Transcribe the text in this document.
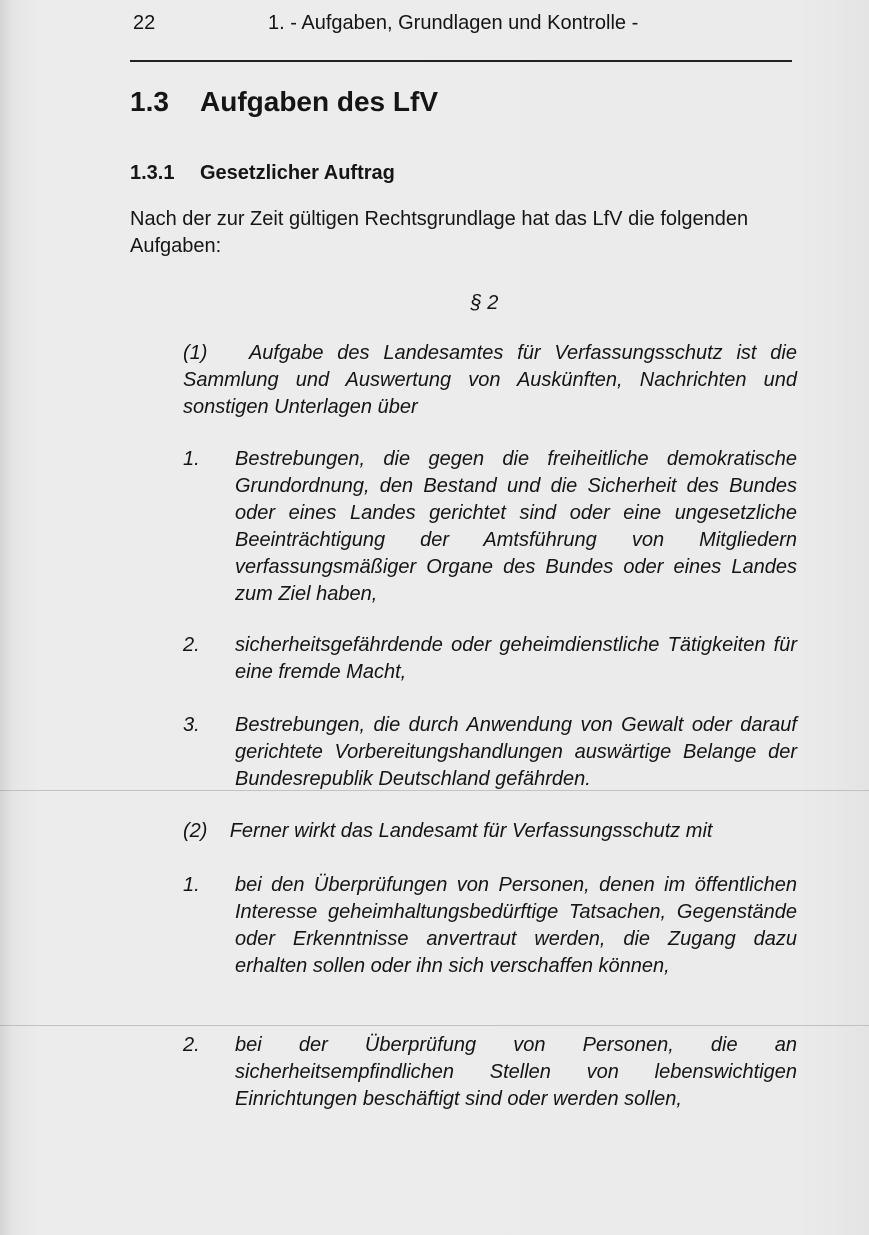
22	1. - Aufgaben, Grundlagen und Kontrolle -
1.3 Aufgaben des LfV
1.3.1 Gesetzlicher Auftrag

Nach der zur Zeit gültigen Rechtsgrundlage hat das LfV die folgenden Aufgaben:

§ 2

(1) Aufgabe des Landesamtes für Verfassungsschutz ist die Sammlung und Auswertung von Auskünften, Nachrichten und sonstigen Unterlagen über

1. Bestrebungen, die gegen die freiheitliche demokratische Grundordnung, den Bestand und die Sicherheit des Bundes oder eines Landes gerichtet sind oder eine ungesetzliche Beeinträchtigung der Amtsführung von Mitgliedern verfassungsmäßiger Organe des Bundes oder eines Landes zum Ziel haben,

2. sicherheitsgefährdende oder geheimdienstliche Tätigkeiten für eine fremde Macht,

3. Bestrebungen, die durch Anwendung von Gewalt oder darauf gerichtete Vorbereitungshandlungen auswärtige Belange der Bundesrepublik Deutschland gefährden.

(2) Ferner wirkt das Landesamt für Verfassungsschutz mit

1. bei den Überprüfungen von Personen, denen im öffentlichen Interesse geheimhaltungsbedürftige Tatsachen, Gegenstände oder Erkenntnisse anvertraut werden, die Zugang dazu erhalten sollen oder ihn sich verschaffen können,

2. bei der Überprüfung von Personen, die an sicherheitsempfindlichen Stellen von lebenswichtigen Einrichtungen beschäftigt sind oder werden sollen,
